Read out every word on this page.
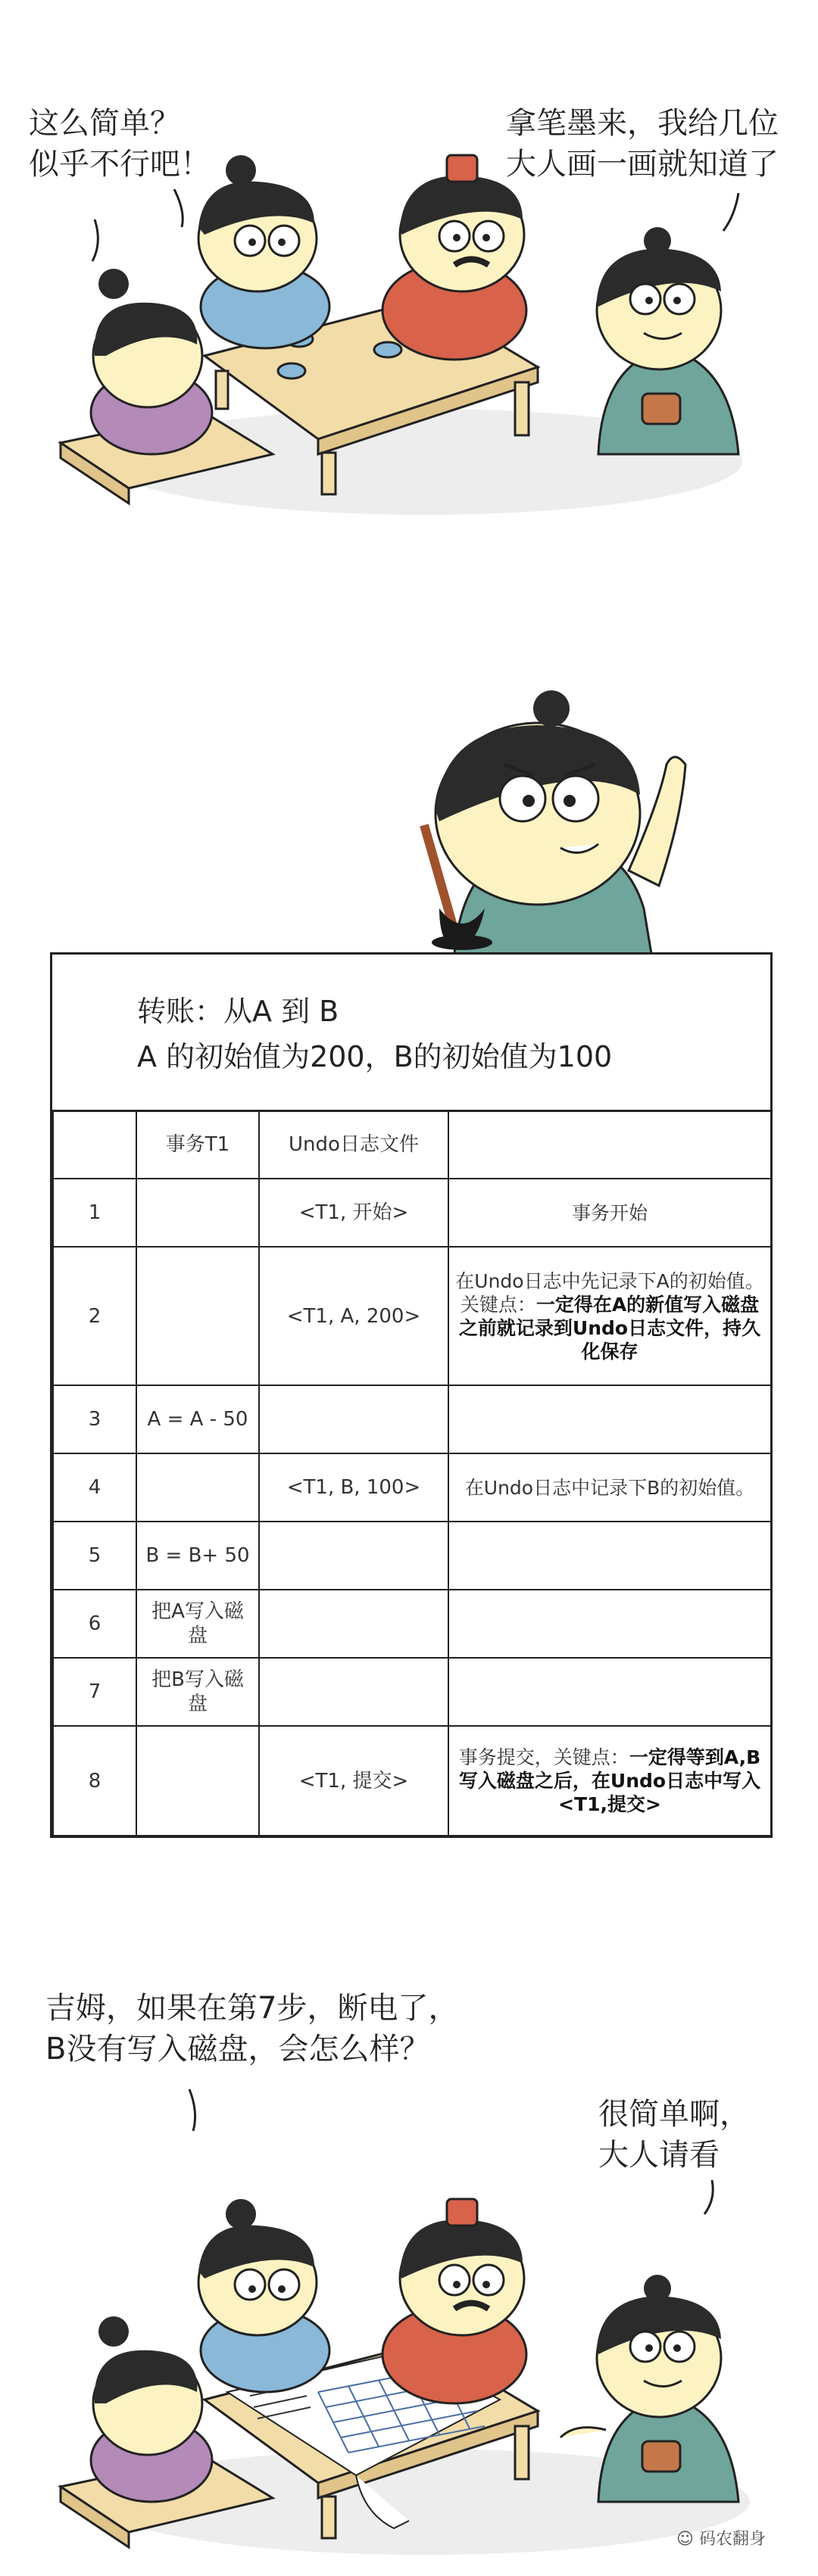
这么简单？
似乎不行吧！
拿笔墨来，我给几位
大人画一画就知道了
转账：从A 到 B
A 的初始值为200，B的初始值为100
	事务T1	Undo日志文件	
1		<T1, 开始>	事务开始
2		<T1, A, 200>	在Undo日志中先记录下A的初始值。关键点：一定得在A的新值写入磁盘之前就记录到Undo日志文件，持久化保存
3	A = A - 50		
4		<T1, B, 100>	在Undo日志中记录下B的初始值。
5	B = B+ 50		
6	把A写入磁盘		
7	把B写入磁盘		
8		<T1, 提交>	事务提交，关键点：一定得等到A,B写入磁盘之后，在Undo日志中写入<T1,提交>
吉姆，如果在第7步，断电了，
B没有写入磁盘，会怎么样？
很简单啊，
大人请看
☺ 码农翻身
